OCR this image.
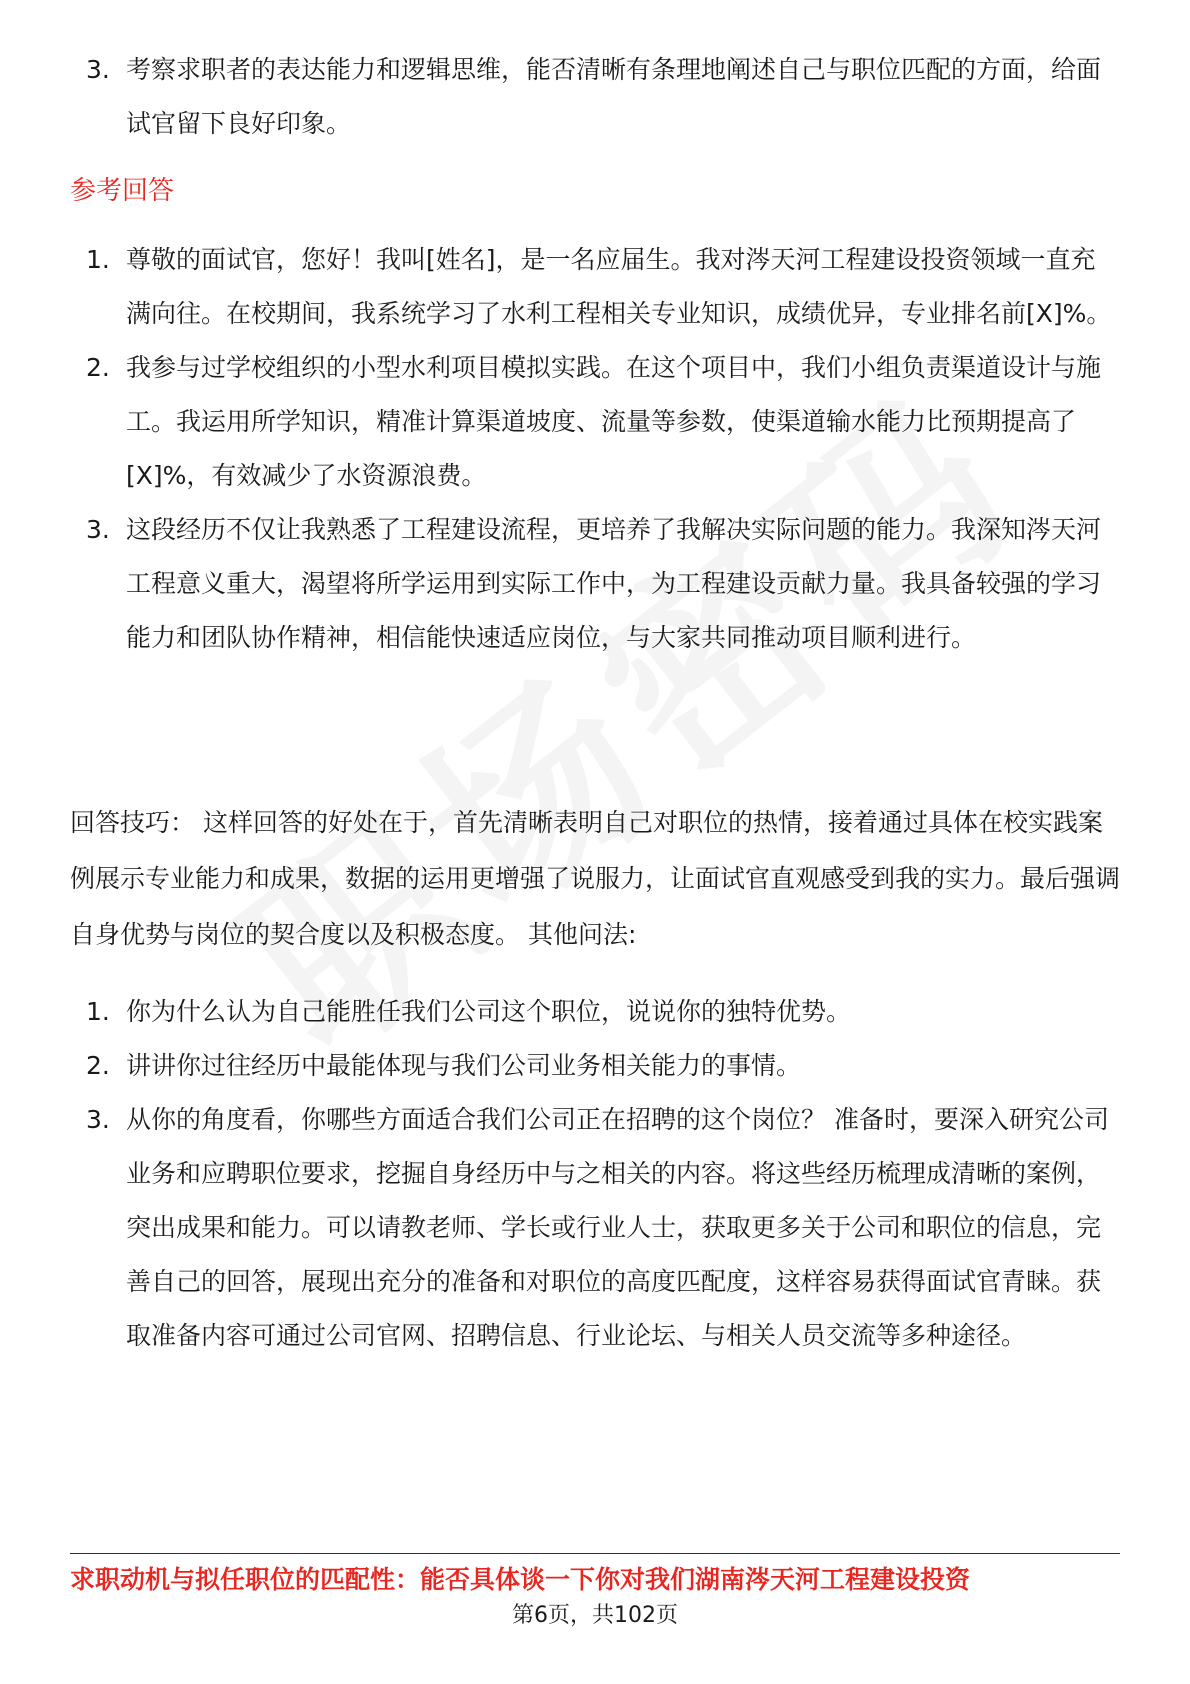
3. 考察求职者的表达能力和逻辑思维，能否清晰有条理地阐述自己与职位匹配的方面，给面试官留下良好印象。
参考回答
1. 尊敬的面试官，您好！我叫[姓名]，是一名应届生。我对涔天河工程建设投资领域一直充满向往。在校期间，我系统学习了水利工程相关专业知识，成绩优异，专业排名前[X]%。
2. 我参与过学校组织的小型水利项目模拟实践。在这个项目中，我们小组负责渠道设计与施工。我运用所学知识，精准计算渠道坡度、流量等参数，使渠道输水能力比预期提高了[X]%，有效减少了水资源浪费。
3. 这段经历不仅让我熟悉了工程建设流程，更培养了我解决实际问题的能力。我深知涔天河工程意义重大，渴望将所学运用到实际工作中，为工程建设贡献力量。我具备较强的学习能力和团队协作精神，相信能快速适应岗位，与大家共同推动项目顺利进行。
回答技巧： 这样回答的好处在于，首先清晰表明自己对职位的热情，接着通过具体在校实践案例展示专业能力和成果，数据的运用更增强了说服力，让面试官直观感受到我的实力。最后强调自身优势与岗位的契合度以及积极态度。 其他问法:
1. 你为什么认为自己能胜任我们公司这个职位，说说你的独特优势。
2. 讲讲你过往经历中最能体现与我们公司业务相关能力的事情。
3. 从你的角度看，你哪些方面适合我们公司正在招聘的这个岗位？ 准备时，要深入研究公司业务和应聘职位要求，挖掘自身经历中与之相关的内容。将这些经历梳理成清晰的案例，突出成果和能力。可以请教老师、学长或行业人士，获取更多关于公司和职位的信息，完善自己的回答，展现出充分的准备和对职位的高度匹配度，这样容易获得面试官青睐。获取准备内容可通过公司官网、招聘信息、行业论坛、与相关人员交流等多种途径。
求职动机与拟任职位的匹配性：能否具体谈一下你对我们湖南涔天河工程建设投资
第6页，共102页
